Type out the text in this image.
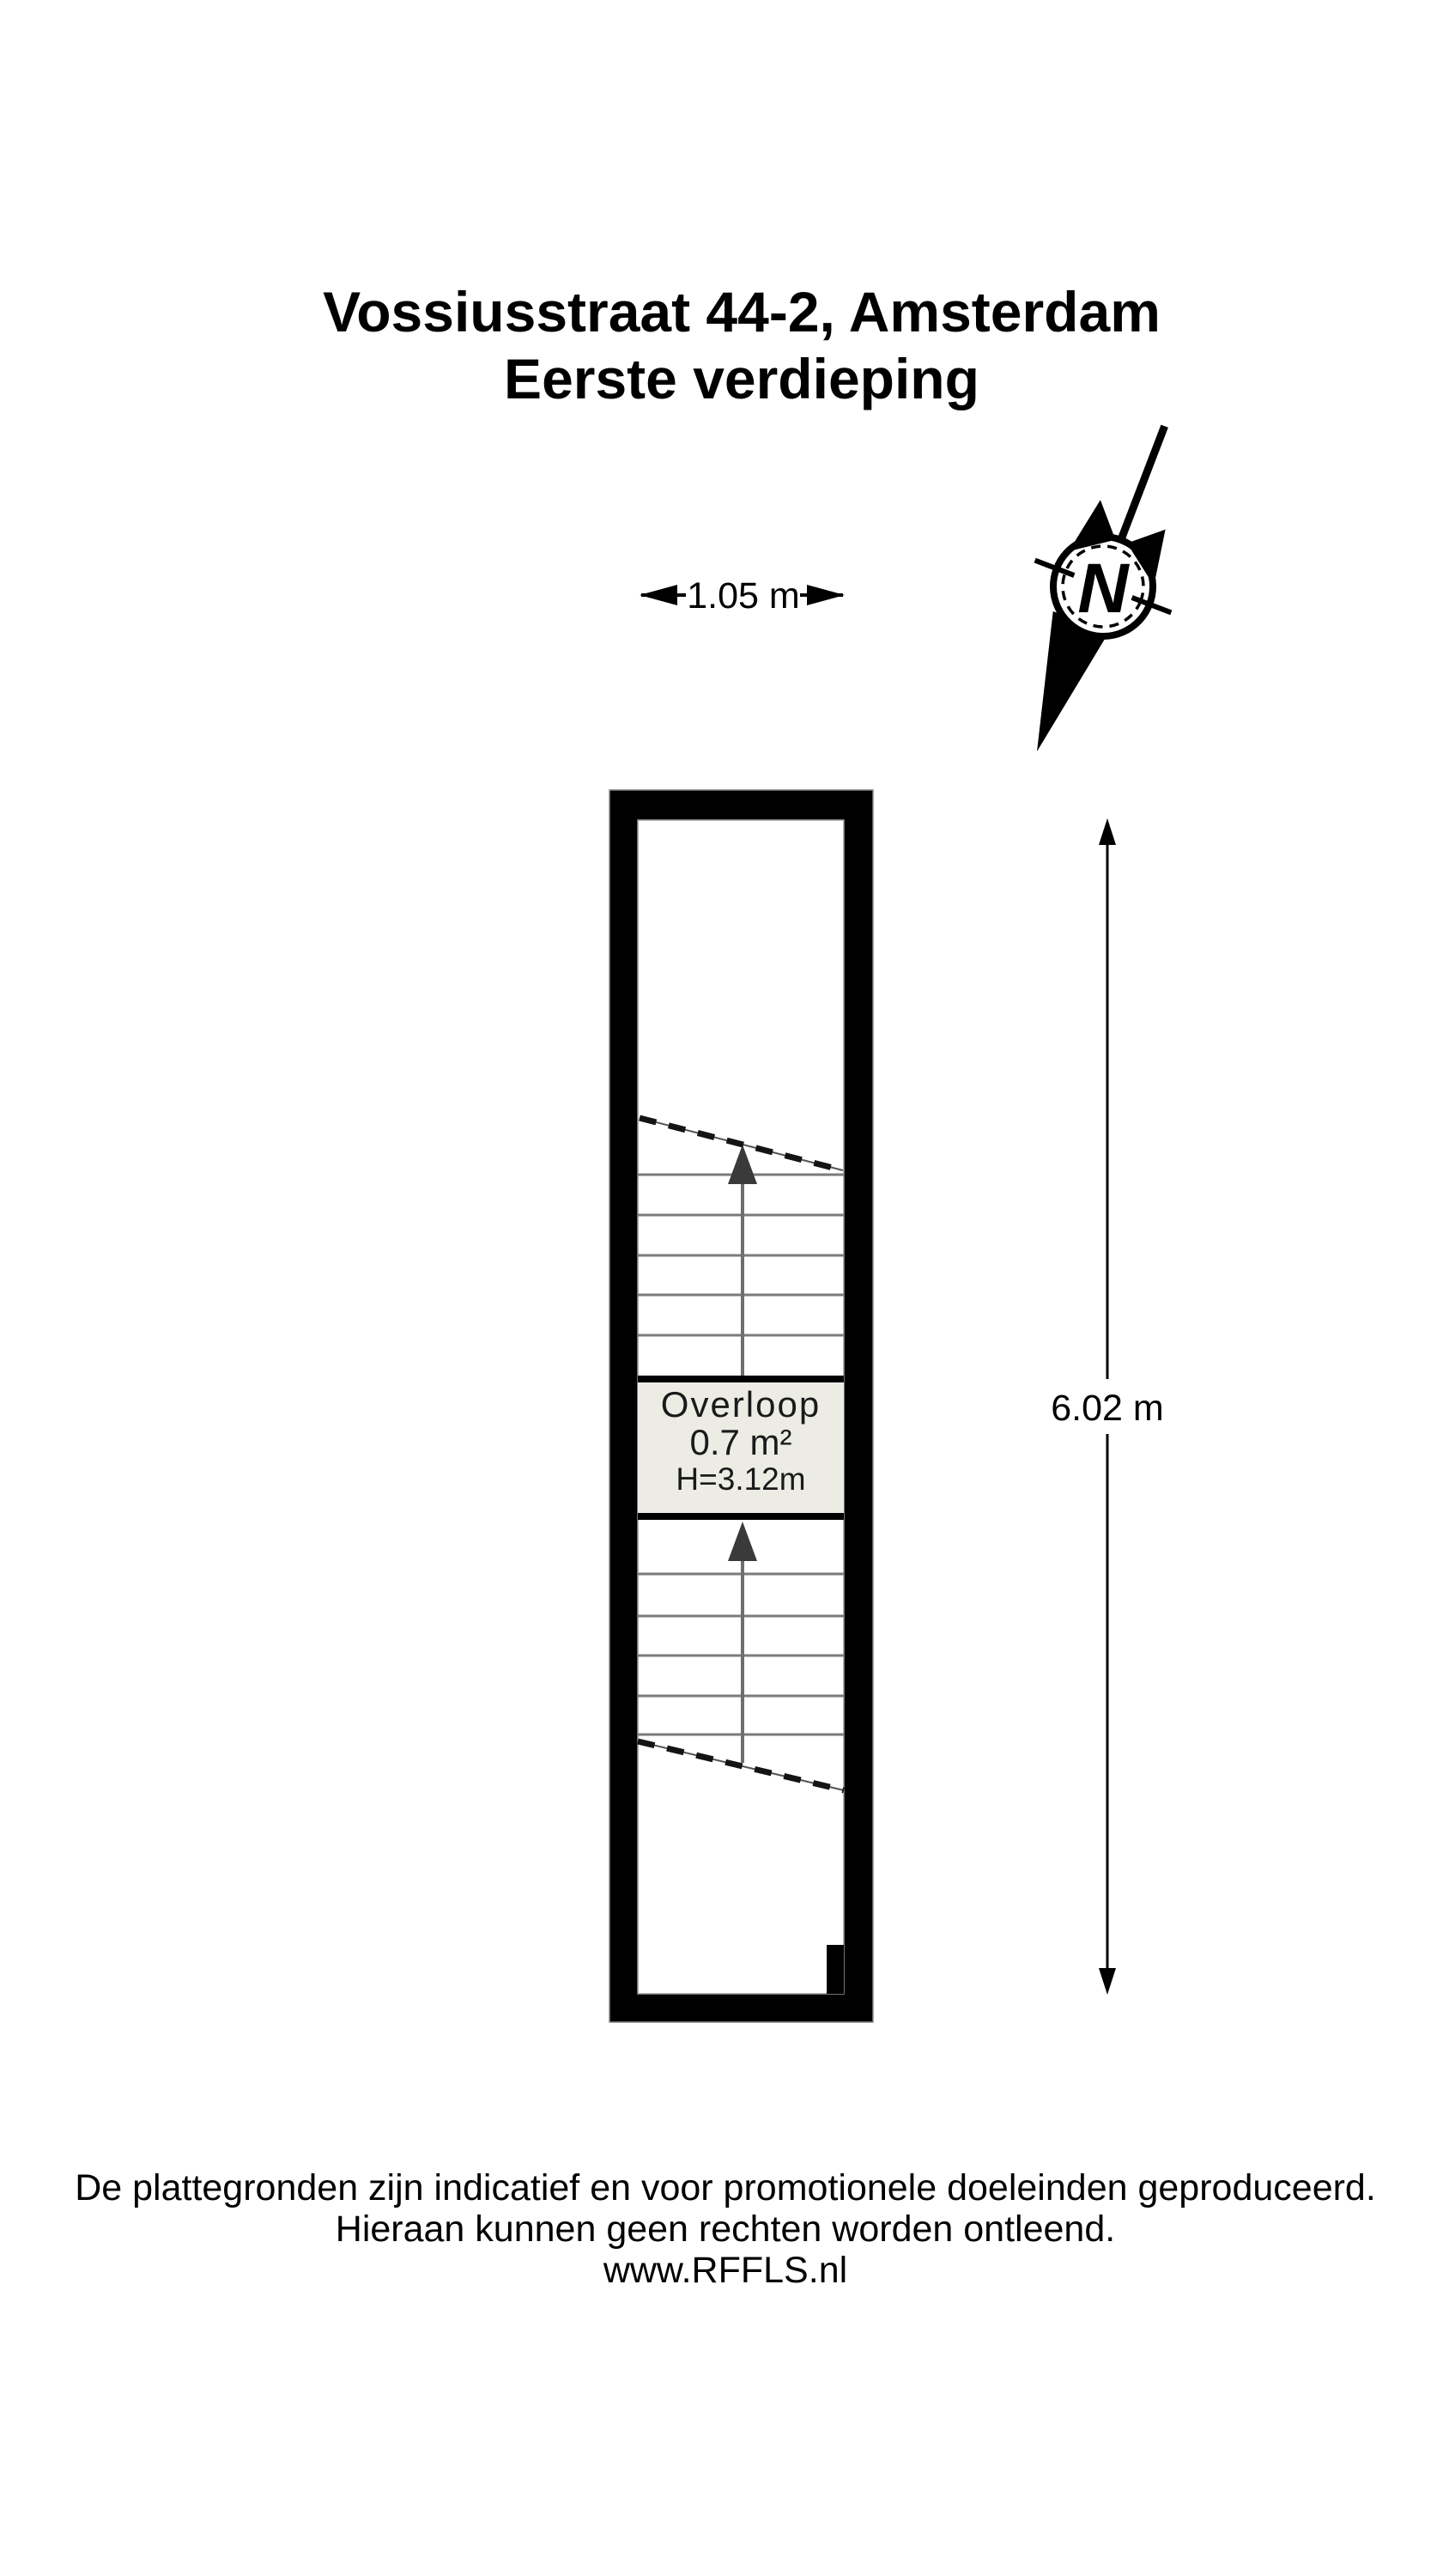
Vossiusstraat 44-2, Amsterdam
Eerste verdieping
N
1.05 m
6.02 m
Overloop
0.7 m²
H=3.12m
De plattegronden zijn indicatief en voor promotionele doeleinden geproduceerd.
Hieraan kunnen geen rechten worden ontleend.
www.RFFLS.nl
